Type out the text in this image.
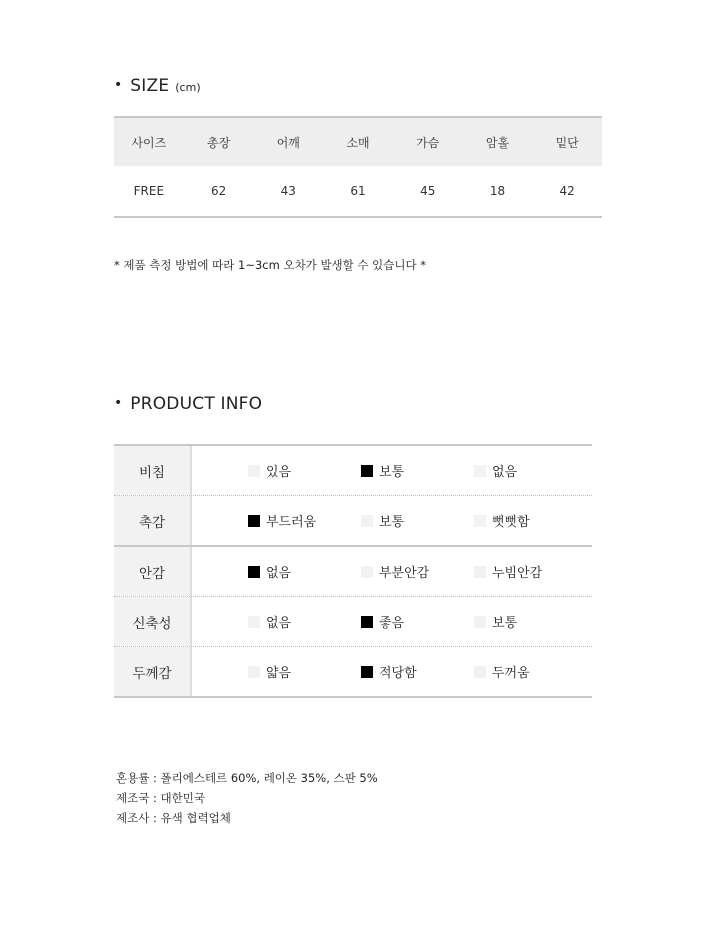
• SIZE (cm)
사이즈	총장	어깨	소매	가슴	암홀	밑단
FREE	62	43	61	45	18	42
* 제품 측정 방법에 따라 1~3cm 오차가 발생할 수 있습니다 *
• PRODUCT INFO
비침	있음	보통	없음
촉감	부드러움	보통	뻣뻣함
안감	없음	부분안감	누빔안감
신축성	없음	좋음	보통
두께감	얇음	적당함	두꺼움
혼용률 : 폴리에스테르 60%, 레이온 35%, 스판 5%
제조국 : 대한민국
제조사 : 유색 협력업체
